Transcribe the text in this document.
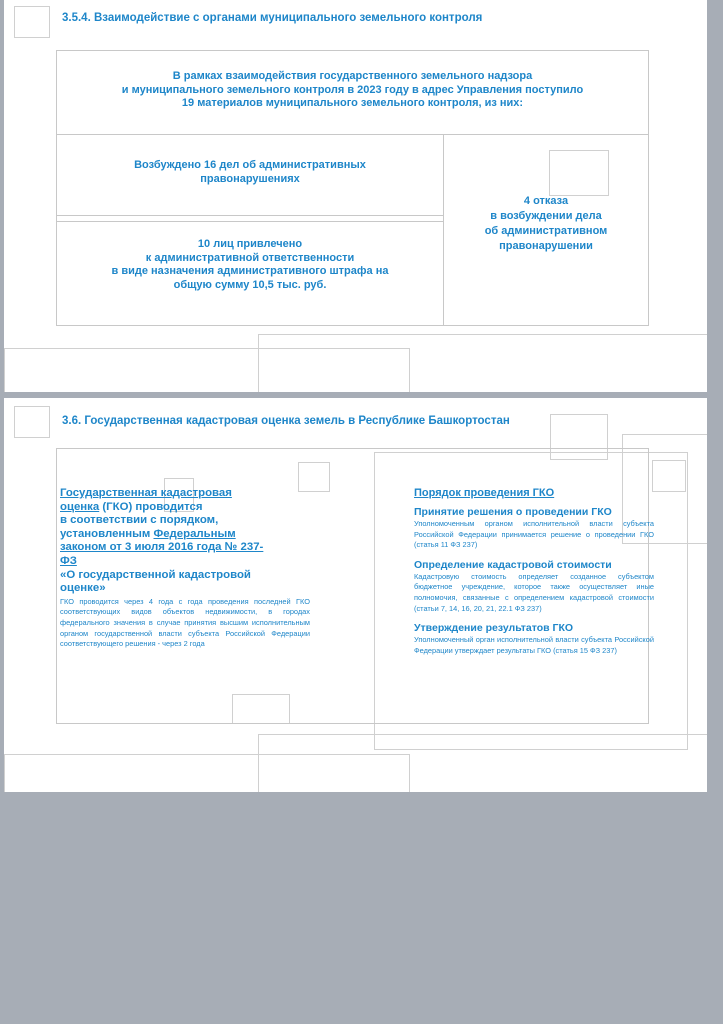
3.5.4. Взаимодействие с органами муниципального земельного контроля
В рамках взаимодействия государственного земельного надзора
и муниципального земельного контроля в 2023 году в адрес Управления поступило
19 материалов муниципального земельного контроля, из них:
Возбуждено 16 дел об административных
правонарушениях
10 лиц привлечено
к административной ответственности
в виде назначения административного штрафа на
общую сумму 10,5 тыс. руб.
4 отказа
в возбуждении дела
об административном
правонарушении
3.6. Государственная кадастровая оценка земель в Республике Башкортостан
Государственная кадастровая
оценка (ГКО) проводится
в соответствии с порядком,
установленным Федеральным
законом от 3 июля 2016 года № 237-
ФЗ
«О государственной кадастровой
оценке»
ГКО проводится через 4 года с года проведения последней ГКО соответствующих видов объектов недвижимости, в городах федерального значения в случае принятия высшим исполнительным органом государственной власти субъекта Российской Федерации соответствующего решения - через 2 года
Порядок проведения ГКО
Принятие решения о проведении ГКО
Уполномоченным органом исполнительной власти субъекта Российской Федерации принимается решение о проведении ГКО (статья 11 ФЗ 237)
Определение кадастровой стоимости
Кадастровую стоимость определяет созданное субъектом бюджетное учреждение, которое также осуществляет иные полномочия, связанные с определением кадастровой стоимости (статьи 7, 14, 16, 20, 21, 22.1 ФЗ 237)
Утверждение результатов ГКО
Уполномоченный орган исполнительной власти субъекта Российской Федерации утверждает результаты ГКО (статья 15 ФЗ 237)
